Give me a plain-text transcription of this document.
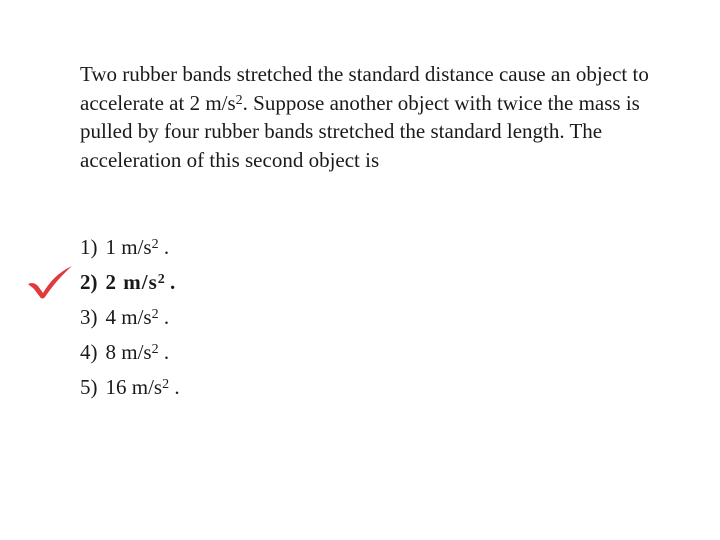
Two rubber bands stretched the standard distance cause an object to accelerate at 2 $m/s^2$. Suppose another object with twice the mass is pulled by four rubber bands stretched the standard length. The acceleration of this second object is

1) 1 $m/s^2$ .
2) 2 $m/s^2$ .
3) 4 $m/s^2$ .
4) 8 $m/s^2$ .
5) 16 $m/s^2$ .
